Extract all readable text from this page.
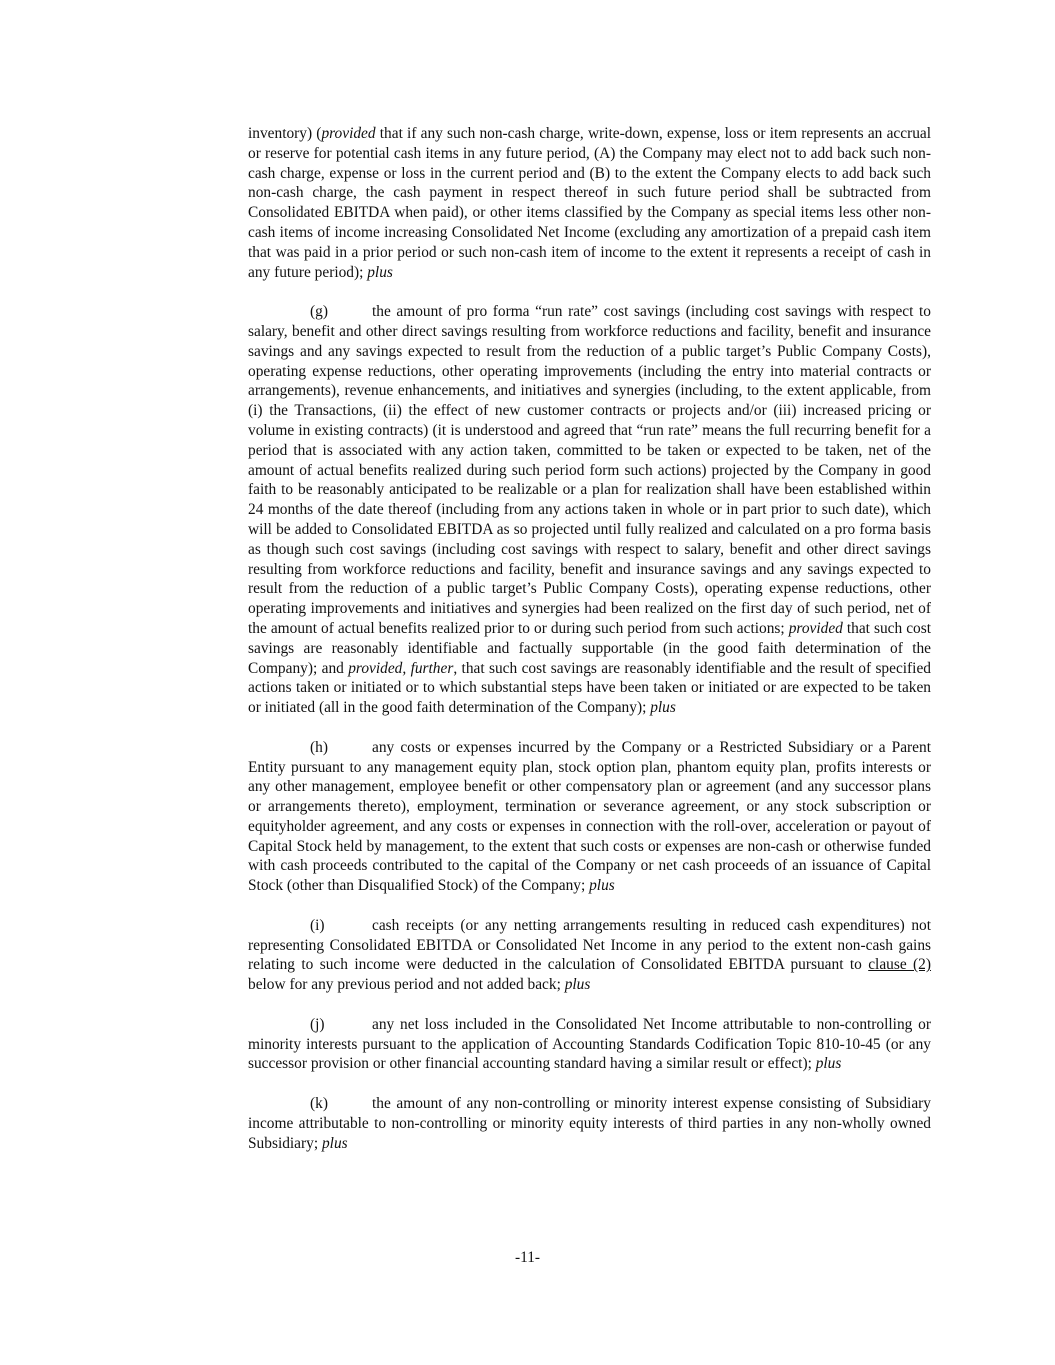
inventory) (provided that if any such non-cash charge, write-down, expense, loss or item represents an accrual or reserve for potential cash items in any future period, (A) the Company may elect not to add back such non-cash charge, expense or loss in the current period and (B) to the extent the Company elects to add back such non-cash charge, the cash payment in respect thereof in such future period shall be subtracted from Consolidated EBITDA when paid), or other items classified by the Company as special items less other non-cash items of income increasing Consolidated Net Income (excluding any amortization of a prepaid cash item that was paid in a prior period or such non-cash item of income to the extent it represents a receipt of cash in any future period); plus

(g)	the amount of pro forma “run rate” cost savings (including cost savings with respect to salary, benefit and other direct savings resulting from workforce reductions and facility, benefit and insurance savings and any savings expected to result from the reduction of a public target’s Public Company Costs), operating expense reductions, other operating improvements (including the entry into material contracts or arrangements), revenue enhancements, and initiatives and synergies (including, to the extent applicable, from (i) the Transactions, (ii) the effect of new customer contracts or projects and/or (iii) increased pricing or volume in existing contracts) (it is understood and agreed that “run rate” means the full recurring benefit for a period that is associated with any action taken, committed to be taken or expected to be taken, net of the amount of actual benefits realized during such period form such actions) projected by the Company in good faith to be reasonably anticipated to be realizable or a plan for realization shall have been established within 24 months of the date thereof (including from any actions taken in whole or in part prior to such date), which will be added to Consolidated EBITDA as so projected until fully realized and calculated on a pro forma basis as though such cost savings (including cost savings with respect to salary, benefit and other direct savings resulting from workforce reductions and facility, benefit and insurance savings and any savings expected to result from the reduction of a public target’s Public Company Costs), operating expense reductions, other operating improvements and initiatives and synergies had been realized on the first day of such period, net of the amount of actual benefits realized prior to or during such period from such actions; provided that such cost savings are reasonably identifiable and factually supportable (in the good faith determination of the Company); and provided, further, that such cost savings are reasonably identifiable and the result of specified actions taken or initiated or to which substantial steps have been taken or initiated or are expected to be taken or initiated (all in the good faith determination of the Company); plus

(h)	any costs or expenses incurred by the Company or a Restricted Subsidiary or a Parent Entity pursuant to any management equity plan, stock option plan, phantom equity plan, profits interests or any other management, employee benefit or other compensatory plan or agreement (and any successor plans or arrangements thereto), employment, termination or severance agreement, or any stock subscription or equityholder agreement, and any costs or expenses in connection with the roll-over, acceleration or payout of Capital Stock held by management, to the extent that such costs or expenses are non-cash or otherwise funded with cash proceeds contributed to the capital of the Company or net cash proceeds of an issuance of Capital Stock (other than Disqualified Stock) of the Company; plus

(i)	cash receipts (or any netting arrangements resulting in reduced cash expenditures) not representing Consolidated EBITDA or Consolidated Net Income in any period to the extent non-cash gains relating to such income were deducted in the calculation of Consolidated EBITDA pursuant to clause (2) below for any previous period and not added back; plus

(j)	any net loss included in the Consolidated Net Income attributable to non-controlling or minority interests pursuant to the application of Accounting Standards Codification Topic 810-10-45 (or any successor provision or other financial accounting standard having a similar result or effect); plus

(k)	the amount of any non-controlling or minority interest expense consisting of Subsidiary income attributable to non-controlling or minority equity interests of third parties in any non-wholly owned Subsidiary; plus

-11-
